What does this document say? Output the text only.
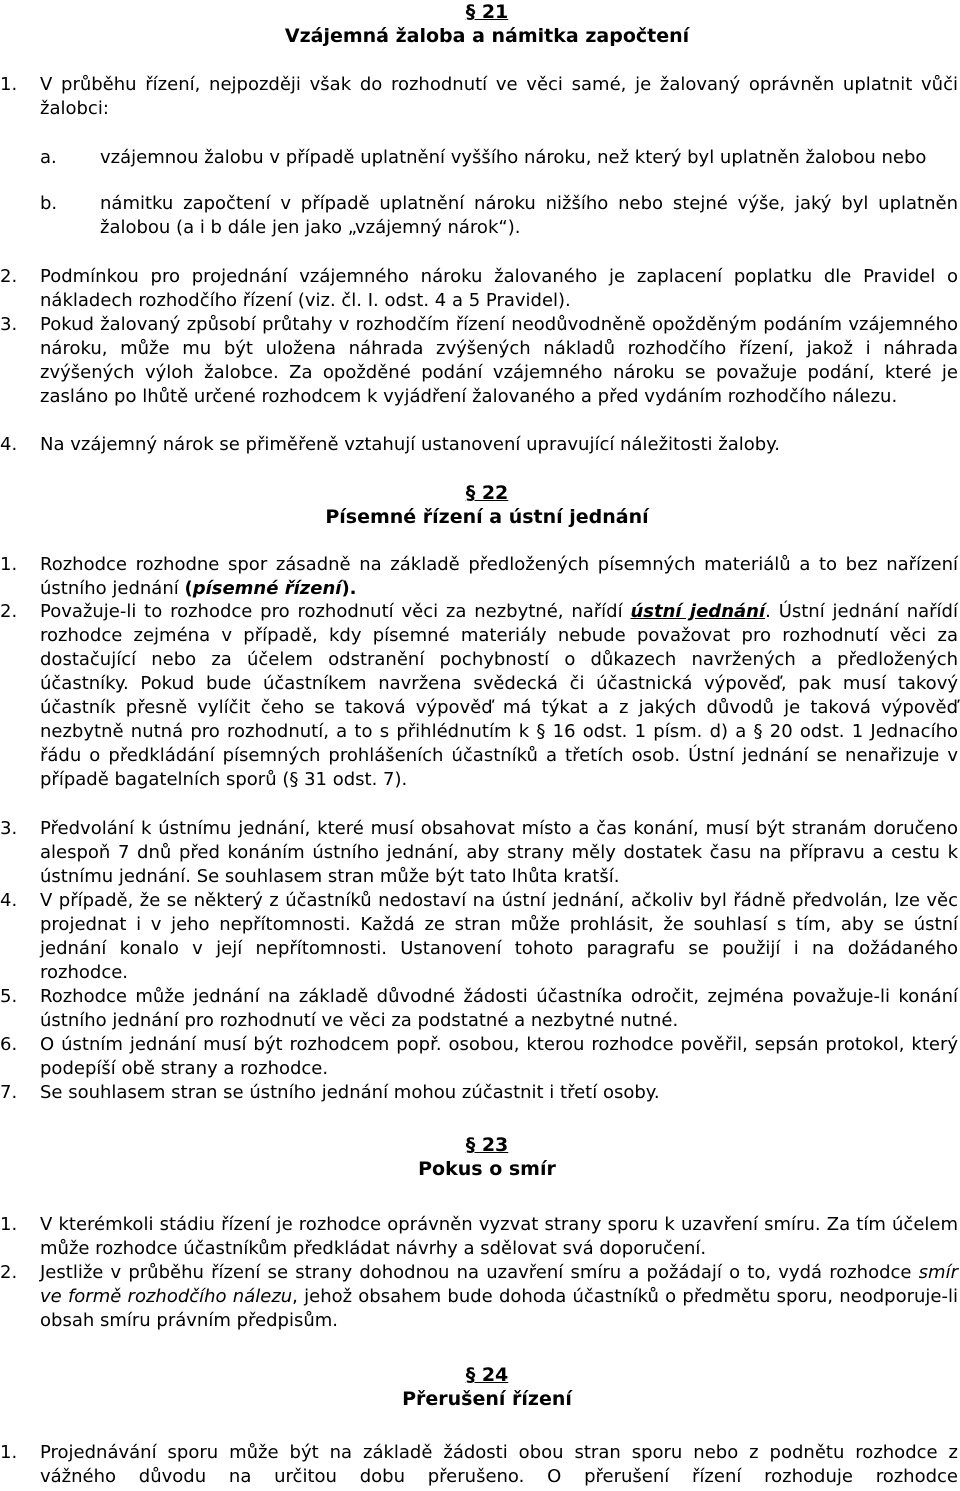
§ 21
Vzájemná žaloba a námitka započtení
1.	V průběhu řízení, nejpozději však do rozhodnutí ve věci samé, je žalovaný oprávněn uplatnit vůči žalobci:
a.	vzájemnou žalobu v případě uplatnění vyššího nároku, než který byl uplatněn žalobou nebo
b.	námitku započtení v případě uplatnění nároku nižšího nebo stejné výše, jaký byl uplatněn žalobou (a i b dále jen jako „vzájemný nárok“).
2.	Podmínkou pro projednání vzájemného nároku žalovaného je zaplacení poplatku dle Pravidel o nákladech rozhodčího řízení (viz. čl. I. odst. 4 a 5 Pravidel).
3.	Pokud žalovaný způsobí průtahy v rozhodčím řízení neodůvodněně opožděným podáním vzájemného nároku, může mu být uložena náhrada zvýšených nákladů rozhodčího řízení, jakož i náhrada zvýšených výloh žalobce. Za opožděné podání vzájemného nároku se považuje podání, které je zasláno po lhůtě určené rozhodcem k vyjádření žalovaného a před vydáním rozhodčího nálezu.
4.	Na vzájemný nárok se přiměřeně vztahují ustanovení upravující náležitosti žaloby.
§ 22
Písemné řízení a ústní jednání
1.	Rozhodce rozhodne spor zásadně na základě předložených písemných materiálů a to bez nařízení ústního jednání (písemné řízení).
2.	Považuje-li to rozhodce pro rozhodnutí věci za nezbytné, nařídí ústní jednání. Ústní jednání nařídí rozhodce zejména v případě, kdy písemné materiály nebude považovat pro rozhodnutí věci za dostačující nebo za účelem odstranění pochybností o důkazech navržených a předložených účastníky. Pokud bude účastníkem navržena svědecká či účastnická výpověď, pak musí takový účastník přesně vylíčit čeho se taková výpověď má týkat a z jakých důvodů je taková výpověď nezbytně nutná pro rozhodnutí, a to s přihlédnutím k § 16 odst. 1 písm. d) a § 20 odst. 1 Jednacího řádu o předkládání písemných prohlášeních účastníků a třetích osob. Ústní jednání se nenařizuje v případě bagatelních sporů (§ 31 odst. 7).
3.	Předvolání k ústnímu jednání, které musí obsahovat místo a čas konání, musí být stranám doručeno alespoň 7 dnů před konáním ústního jednání, aby strany měly dostatek času na přípravu a cestu k ústnímu jednání. Se souhlasem stran může být tato lhůta kratší.
4.	V případě, že se některý z účastníků nedostaví na ústní jednání, ačkoliv byl řádně předvolán, lze věc projednat i v jeho nepřítomnosti. Každá ze stran může prohlásit, že souhlasí s tím, aby se ústní jednání konalo v její nepřítomnosti. Ustanovení tohoto paragrafu se použijí i na dožádaného rozhodce.
5.	Rozhodce může jednání na základě důvodné žádosti účastníka odročit, zejména považuje-li konání ústního jednání pro rozhodnutí ve věci za podstatné a nezbytné nutné.
6.	O ústním jednání musí být rozhodcem popř. osobou, kterou rozhodce pověřil, sepsán protokol, který podepíší obě strany a rozhodce.
7.	Se souhlasem stran se ústního jednání mohou zúčastnit i třetí osoby.
§ 23
Pokus o smír
1.	V kterémkoli stádiu řízení je rozhodce oprávněn vyzvat strany sporu k uzavření smíru. Za tím účelem může rozhodce účastníkům předkládat návrhy a sdělovat svá doporučení.
2.	Jestliže v průběhu řízení se strany dohodnou na uzavření smíru a požádají o to, vydá rozhodce smír ve formě rozhodčího nálezu, jehož obsahem bude dohoda účastníků o předmětu sporu, neodporuje-li obsah smíru právním předpisům.
§ 24
Přerušení řízení
1.	Projednávání sporu může být na základě žádosti obou stran sporu nebo z podnětu rozhodce z vážného důvodu na určitou dobu přerušeno. O přerušení řízení rozhoduje rozhodce
